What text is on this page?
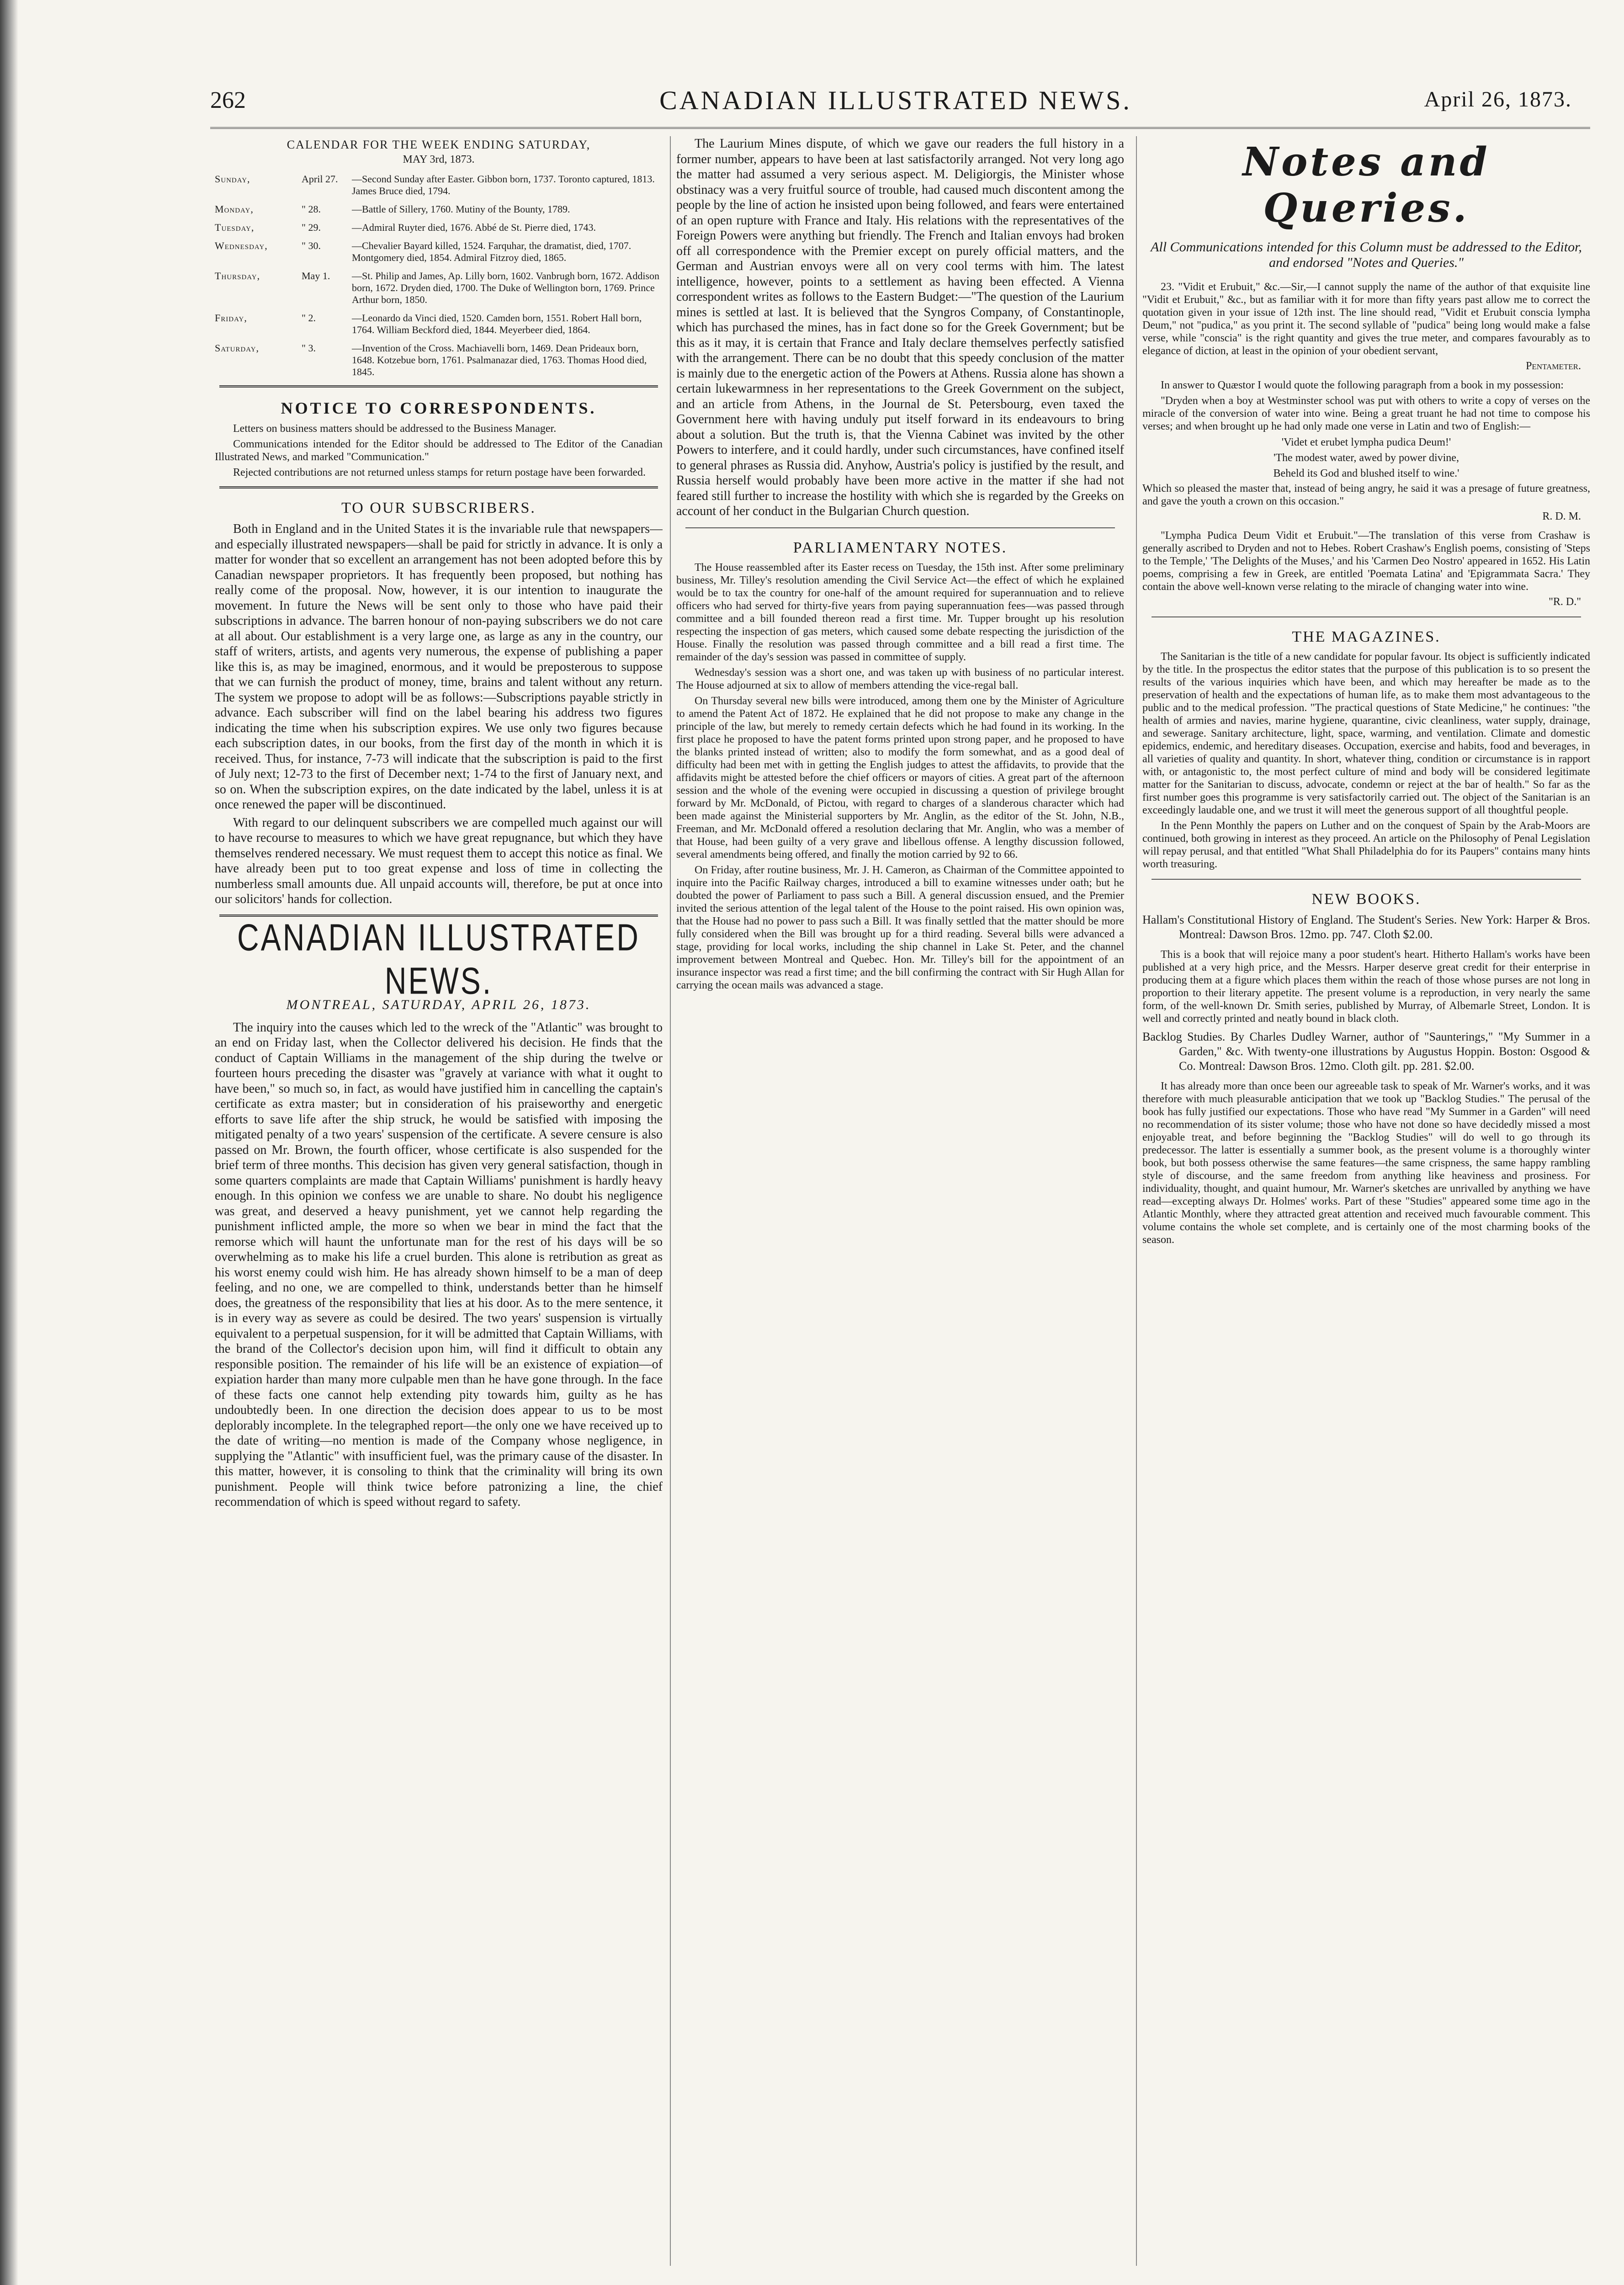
262	CANADIAN ILLUSTRATED NEWS.	April 26, 1873.
CALENDAR FOR THE WEEK ENDING SATURDAY,
MAY 3rd, 1873.
Sunday,	April 27.	—Second Sunday after Easter. Gibbon born, 1737. Toronto captured, 1813. James Bruce died, 1794.
Monday,	" 28.	—Battle of Sillery, 1760. Mutiny of the Bounty, 1789.
Tuesday,	" 29.	—Admiral Ruyter died, 1676. Abbé de St. Pierre died, 1743.
Wednesday,	" 30.	—Chevalier Bayard killed, 1524. Farquhar, the dramatist, died, 1707. Montgomery died, 1854. Admiral Fitzroy died, 1865.
Thursday,	May 1.	—St. Philip and James, Ap. Lilly born, 1602. Vanbrugh born, 1672. Addison born, 1672. Dryden died, 1700. The Duke of Wellington born, 1769. Prince Arthur born, 1850.
Friday,	" 2.	—Leonardo da Vinci died, 1520. Camden born, 1551. Robert Hall born, 1764. William Beckford died, 1844. Meyerbeer died, 1864.
Saturday,	" 3.	—Invention of the Cross. Machiavelli born, 1469. Dean Prideaux born, 1648. Kotzebue born, 1761. Psalmanazar died, 1763. Thomas Hood died, 1845.
NOTICE TO CORRESPONDENTS.

Letters on business matters should be addressed to the Business Manager.

Communications intended for the Editor should be addressed to The Editor of the Canadian Illustrated News, and marked "Communication."

Rejected contributions are not returned unless stamps for return postage have been forwarded.

TO OUR SUBSCRIBERS.

Both in England and in the United States it is the invariable rule that newspapers—and especially illustrated newspapers—shall be paid for strictly in advance. It is only a matter for wonder that so excellent an arrangement has not been adopted before this by Canadian newspaper proprietors. It has frequently been proposed, but nothing has really come of the proposal. Now, however, it is our intention to inaugurate the movement. In future the News will be sent only to those who have paid their subscriptions in advance. The barren honour of non-paying subscribers we do not care at all about. Our establishment is a very large one, as large as any in the country, our staff of writers, artists, and agents very numerous, the expense of publishing a paper like this is, as may be imagined, enormous, and it would be preposterous to suppose that we can furnish the product of money, time, brains and talent without any return. The system we propose to adopt will be as follows:—Subscriptions payable strictly in advance. Each subscriber will find on the label bearing his address two figures indicating the time when his subscription expires. We use only two figures because each subscription dates, in our books, from the first day of the month in which it is received. Thus, for instance, 7-73 will indicate that the subscription is paid to the first of July next; 12-73 to the first of December next; 1-74 to the first of January next, and so on. When the subscription expires, on the date indicated by the label, unless it is at once renewed the paper will be discontinued.

With regard to our delinquent subscribers we are compelled much against our will to have recourse to measures to which we have great repugnance, but which they have themselves rendered necessary. We must request them to accept this notice as final. We have already been put to too great expense and loss of time in collecting the numberless small amounts due. All unpaid accounts will, therefore, be put at once into our solicitors' hands for collection.

CANADIAN ILLUSTRATED NEWS.
MONTREAL, SATURDAY, APRIL 26, 1873.

The inquiry into the causes which led to the wreck of the "Atlantic" was brought to an end on Friday last, when the Collector delivered his decision. He finds that the conduct of Captain Williams in the management of the ship during the twelve or fourteen hours preceding the disaster was "gravely at variance with what it ought to have been," so much so, in fact, as would have justified him in cancelling the captain's certificate as extra master; but in consideration of his praiseworthy and energetic efforts to save life after the ship struck, he would be satisfied with imposing the mitigated penalty of a two years' suspension of the certificate. A severe censure is also passed on Mr. Brown, the fourth officer, whose certificate is also suspended for the brief term of three months. This decision has given very general satisfaction, though in some quarters complaints are made that Captain Williams' punishment is hardly heavy enough. In this opinion we confess we are unable to share. No doubt his negligence was great, and deserved a heavy punishment, yet we cannot help regarding the punishment inflicted ample, the more so when we bear in mind the fact that the remorse which will haunt the unfortunate man for the rest of his days will be so overwhelming as to make his life a cruel burden. This alone is retribution as great as his worst enemy could wish him. He has already shown himself to be a man of deep feeling, and no one, we are compelled to think, understands better than he himself does, the greatness of the responsibility that lies at his door. As to the mere sentence, it is in every way as severe as could be desired. The two years' suspension is virtually equivalent to a perpetual suspension, for it will be admitted that Captain Williams, with the brand of the Collector's decision upon him, will find it difficult to obtain any responsible position. The remainder of his life will be an existence of expiation—of expiation harder than many more culpable men than he have gone through. In the face of these facts one cannot help extending pity towards him, guilty as he has undoubtedly been. In one direction the decision does appear to us to be most deplorably incomplete. In the telegraphed report—the only one we have received up to the date of writing—no mention is made of the Company whose negligence, in supplying the "Atlantic" with insufficient fuel, was the primary cause of the disaster. In this matter, however, it is consoling to think that the criminality will bring its own punishment. People will think twice before patronizing a line, the chief recommendation of which is speed without regard to safety.

The Laurium Mines dispute, of which we gave our readers the full history in a former number, appears to have been at last satisfactorily arranged. Not very long ago the matter had assumed a very serious aspect. M. Deligiorgis, the Minister whose obstinacy was a very fruitful source of trouble, had caused much discontent among the people by the line of action he insisted upon being followed, and fears were entertained of an open rupture with France and Italy. His relations with the representatives of the Foreign Powers were anything but friendly. The French and Italian envoys had broken off all correspondence with the Premier except on purely official matters, and the German and Austrian envoys were all on very cool terms with him. The latest intelligence, however, points to a settlement as having been effected. A Vienna correspondent writes as follows to the Eastern Budget:—"The question of the Laurium mines is settled at last. It is believed that the Syngros Company, of Constantinople, which has purchased the mines, has in fact done so for the Greek Government; but be this as it may, it is certain that France and Italy declare themselves perfectly satisfied with the arrangement. There can be no doubt that this speedy conclusion of the matter is mainly due to the energetic action of the Powers at Athens. Russia alone has shown a certain lukewarmness in her representations to the Greek Government on the subject, and an article from Athens, in the Journal de St. Petersbourg, even taxed the Government here with having unduly put itself forward in its endeavours to bring about a solution. But the truth is, that the Vienna Cabinet was invited by the other Powers to interfere, and it could hardly, under such circumstances, have confined itself to general phrases as Russia did. Anyhow, Austria's policy is justified by the result, and Russia herself would probably have been more active in the matter if she had not feared still further to increase the hostility with which she is regarded by the Greeks on account of her conduct in the Bulgarian Church question.

PARLIAMENTARY NOTES.

The House reassembled after its Easter recess on Tuesday, the 15th inst. After some preliminary business, Mr. Tilley's resolution amending the Civil Service Act—the effect of which he explained would be to tax the country for one-half of the amount required for superannuation and to relieve officers who had served for thirty-five years from paying superannuation fees—was passed through committee and a bill founded thereon read a first time. Mr. Tupper brought up his resolution respecting the inspection of gas meters, which caused some debate respecting the jurisdiction of the House. Finally the resolution was passed through committee and a bill read a first time. The remainder of the day's session was passed in committee of supply.

Wednesday's session was a short one, and was taken up with business of no particular interest. The House adjourned at six to allow of members attending the vice-regal ball.

On Thursday several new bills were introduced, among them one by the Minister of Agriculture to amend the Patent Act of 1872. He explained that he did not propose to make any change in the principle of the law, but merely to remedy certain defects which he had found in its working. In the first place he proposed to have the patent forms printed upon strong paper, and he proposed to have the blanks printed instead of written; also to modify the form somewhat, and as a good deal of difficulty had been met with in getting the English judges to attest the affidavits, to provide that the affidavits might be attested before the chief officers or mayors of cities. A great part of the afternoon session and the whole of the evening were occupied in discussing a question of privilege brought forward by Mr. McDonald, of Pictou, with regard to charges of a slanderous character which had been made against the Ministerial supporters by Mr. Anglin, as the editor of the St. John, N.B., Freeman, and Mr. McDonald offered a resolution declaring that Mr. Anglin, who was a member of that House, had been guilty of a very grave and libellous offense. A lengthy discussion followed, several amendments being offered, and finally the motion carried by 92 to 66.

On Friday, after routine business, Mr. J. H. Cameron, as Chairman of the Committee appointed to inquire into the Pacific Railway charges, introduced a bill to examine witnesses under oath; but he doubted the power of Parliament to pass such a Bill. A general discussion ensued, and the Premier invited the serious attention of the legal talent of the House to the point raised. His own opinion was, that the House had no power to pass such a Bill. It was finally settled that the matter should be more fully considered when the Bill was brought up for a third reading. Several bills were advanced a stage, providing for local works, including the ship channel in Lake St. Peter, and the channel improvement between Montreal and Quebec. Hon. Mr. Tilley's bill for the appointment of an insurance inspector was read a first time; and the bill confirming the contract with Sir Hugh Allan for carrying the ocean mails was advanced a stage.

Notes and Queries.
All Communications intended for this Column must be addressed to the Editor, and endorsed "Notes and Queries."

23. "Vidit et Erubuit," &c.—Sir,—I cannot supply the name of the author of that exquisite line "Vidit et Erubuit," &c., but as familiar with it for more than fifty years past allow me to correct the quotation given in your issue of 12th inst. The line should read, "Vidit et Erubuit conscia lympha Deum," not "pudica," as you print it. The second syllable of "pudica" being long would make a false verse, while "conscia" is the right quantity and gives the true meter, and compares favourably as to elegance of diction, at least in the opinion of your obedient servant,

Pentameter.

In answer to Quæstor I would quote the following paragraph from a book in my possession:

"Dryden when a boy at Westminster school was put with others to write a copy of verses on the miracle of the conversion of water into wine. Being a great truant he had not time to compose his verses; and when brought up he had only made one verse in Latin and two of English:—

'Videt et erubet lympha pudica Deum!'
'The modest water, awed by power divine,
Beheld its God and blushed itself to wine.'

Which so pleased the master that, instead of being angry, he said it was a presage of future greatness, and gave the youth a crown on this occasion."

R. D. M.

"Lympha Pudica Deum Vidit et Erubuit."—The translation of this verse from Crashaw is generally ascribed to Dryden and not to Hebes. Robert Crashaw's English poems, consisting of 'Steps to the Temple,' 'The Delights of the Muses,' and his 'Carmen Deo Nostro' appeared in 1652. His Latin poems, comprising a few in Greek, are entitled 'Poemata Latina' and 'Epigrammata Sacra.' They contain the above well-known verse relating to the miracle of changing water into wine.

"R. D."
THE MAGAZINES.

The Sanitarian is the title of a new candidate for popular favour. Its object is sufficiently indicated by the title. In the prospectus the editor states that the purpose of this publication is to so present the results of the various inquiries which have been, and which may hereafter be made as to the preservation of health and the expectations of human life, as to make them most advantageous to the public and to the medical profession. "The practical questions of State Medicine," he continues: "the health of armies and navies, marine hygiene, quarantine, civic cleanliness, water supply, drainage, and sewerage. Sanitary architecture, light, space, warming, and ventilation. Climate and domestic epidemics, endemic, and hereditary diseases. Occupation, exercise and habits, food and beverages, in all varieties of quality and quantity. In short, whatever thing, condition or circumstance is in rapport with, or antagonistic to, the most perfect culture of mind and body will be considered legitimate matter for the Sanitarian to discuss, advocate, condemn or reject at the bar of health." So far as the first number goes this programme is very satisfactorily carried out. The object of the Sanitarian is an exceedingly laudable one, and we trust it will meet the generous support of all thoughtful people.

In the Penn Monthly the papers on Luther and on the conquest of Spain by the Arab-Moors are continued, both growing in interest as they proceed. An article on the Philosophy of Penal Legislation will repay perusal, and that entitled "What Shall Philadelphia do for its Paupers" contains many hints worth treasuring.

NEW BOOKS.
Hallam's Constitutional History of England. The Student's Series. New York: Harper & Bros. Montreal: Dawson Bros. 12mo. pp. 747. Cloth $2.00.

This is a book that will rejoice many a poor student's heart. Hitherto Hallam's works have been published at a very high price, and the Messrs. Harper deserve great credit for their enterprise in producing them at a figure which places them within the reach of those whose purses are not long in proportion to their literary appetite. The present volume is a reproduction, in very nearly the same form, of the well-known Dr. Smith series, published by Murray, of Albemarle Street, London. It is well and correctly printed and neatly bound in black cloth.

Backlog Studies. By Charles Dudley Warner, author of "Saunterings," "My Summer in a Garden," &c. With twenty-one illustrations by Augustus Hoppin. Boston: Osgood & Co. Montreal: Dawson Bros. 12mo. Cloth gilt. pp. 281. $2.00.

It has already more than once been our agreeable task to speak of Mr. Warner's works, and it was therefore with much pleasurable anticipation that we took up "Backlog Studies." The perusal of the book has fully justified our expectations. Those who have read "My Summer in a Garden" will need no recommendation of its sister volume; those who have not done so have decidedly missed a most enjoyable treat, and before beginning the "Backlog Studies" will do well to go through its predecessor. The latter is essentially a summer book, as the present volume is a thoroughly winter book, but both possess otherwise the same features—the same crispness, the same happy rambling style of discourse, and the same freedom from anything like heaviness and prosiness. For individuality, thought, and quaint humour, Mr. Warner's sketches are unrivalled by anything we have read—excepting always Dr. Holmes' works. Part of these "Studies" appeared some time ago in the Atlantic Monthly, where they attracted great attention and received much favourable comment. This volume contains the whole set complete, and is certainly one of the most charming books of the season.
